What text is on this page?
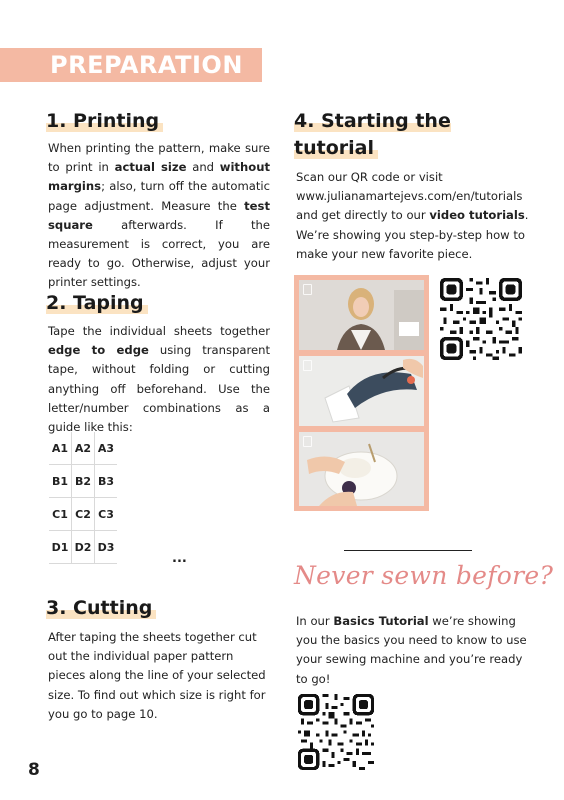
PREPARATION
1. Printing

When printing the pattern, make sure to print in actual size and without margins; also, turn off the automatic page adjustment. Measure the test square afterwards. If the measurement is correct, you are ready to go. Otherwise, adjust your printer settings.

2. Taping

Tape the individual sheets together edge to edge using transparent tape, without folding or cutting anything off beforehand. Use the letter/number combinations as a guide like this:

A1	A2	A3
B1	B2	B3
C1	C2	C3
D1	D2	D3
...
3. Cutting

After taping the sheets together cut out the individual paper pattern pieces along the line of your selected size. To find out which size is right for you go to page 10.

4. Starting the tutorial

Scan our QR code or visit www.julianamartejevs.com/en/tutorials and get directly to our video tutorials. We’re showing you step-by-step how to make your new favorite piece.

Never sewn before?

In our Basics Tutorial we’re showing you the basics you need to know to use your sewing machine and you’re ready to go!

8
